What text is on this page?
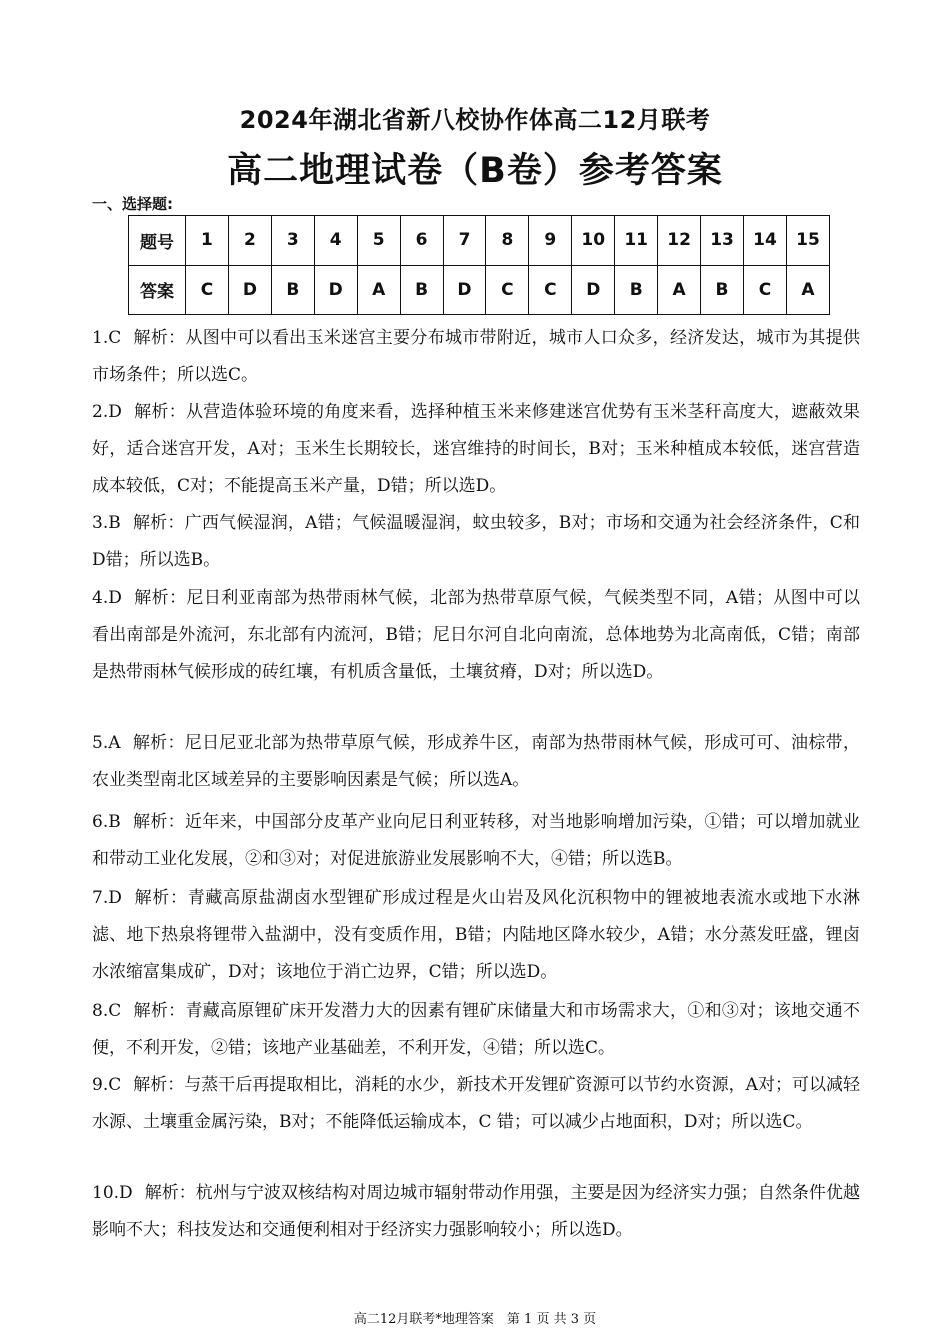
2024年湖北省新八校协作体高二12月联考
高二地理试卷（B卷）参考答案
一、选择题:
题号	1	2	3	4	5	6	7	8	9	10	11	12	13	14	15
答案	C	D	B	D	A	B	D	C	C	D	B	A	B	C	A
1.C 解析：从图中可以看出玉米迷宫主要分布城市带附近，城市人口众多，经济发达，城市为其提供市场条件；所以选C。
2.D 解析：从营造体验环境的角度来看，选择种植玉米来修建迷宫优势有玉米茎秆高度大，遮蔽效果好，适合迷宫开发，A对；玉米生长期较长，迷宫维持的时间长，B对；玉米种植成本较低，迷宫营造成本较低，C对；不能提高玉米产量，D错；所以选D。
3.B 解析：广西气候湿润，A错；气候温暖湿润，蚊虫较多，B对；市场和交通为社会经济条件，C和D错；所以选B。
4.D 解析：尼日利亚南部为热带雨林气候，北部为热带草原气候，气候类型不同，A错；从图中可以看出南部是外流河，东北部有内流河，B错；尼日尔河自北向南流，总体地势为北高南低，C错；南部是热带雨林气候形成的砖红壤，有机质含量低，土壤贫瘠，D对；所以选D。
5.A 解析：尼日尼亚北部为热带草原气候，形成养牛区，南部为热带雨林气候，形成可可、油棕带，农业类型南北区域差异的主要影响因素是气候；所以选A。
6.B 解析：近年来，中国部分皮革产业向尼日利亚转移，对当地影响增加污染，①错；可以增加就业和带动工业化发展，②和③对；对促进旅游业发展影响不大，④错；所以选B。
7.D 解析：青藏高原盐湖卤水型锂矿形成过程是火山岩及风化沉积物中的锂被地表流水或地下水淋滤、地下热泉将锂带入盐湖中，没有变质作用，B错；内陆地区降水较少，A错；水分蒸发旺盛，锂卤水浓缩富集成矿，D对；该地位于消亡边界，C错；所以选D。
8.C 解析：青藏高原锂矿床开发潜力大的因素有锂矿床储量大和市场需求大，①和③对；该地交通不便，不利开发，②错；该地产业基础差，不利开发，④错；所以选C。
9.C 解析：与蒸干后再提取相比，消耗的水少，新技术开发锂矿资源可以节约水资源，A对；可以减轻水源、土壤重金属污染，B对；不能降低运输成本，C 错；可以减少占地面积，D对；所以选C。
10.D 解析：杭州与宁波双核结构对周边城市辐射带动作用强，主要是因为经济实力强；自然条件优越影响不大；科技发达和交通便利相对于经济实力强影响较小；所以选D。
高二12月联考*地理答案　第 1 页 共 3 页
